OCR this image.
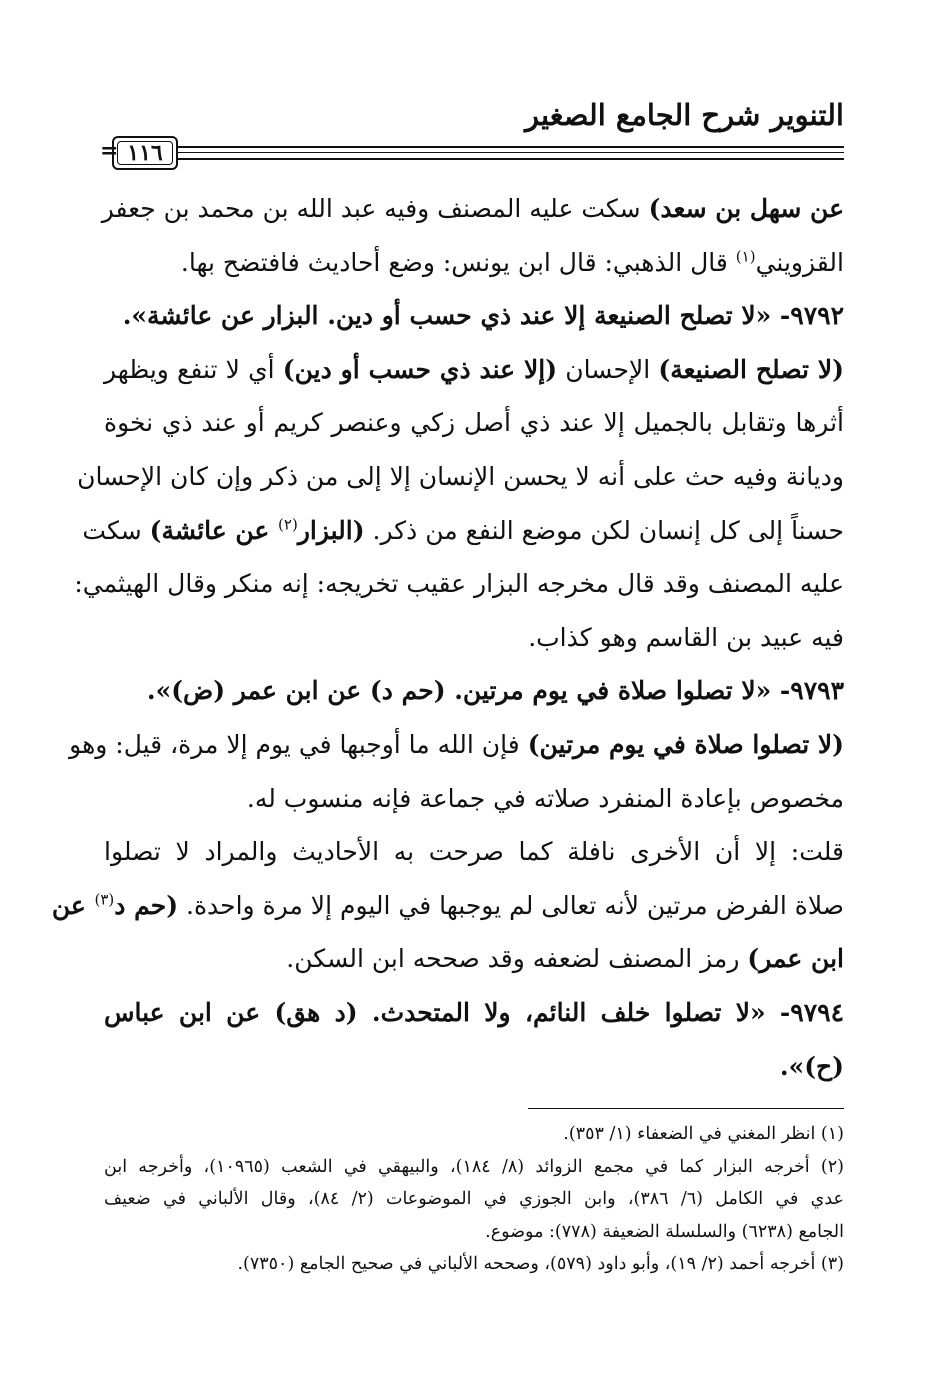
التنوير شرح الجامع الصغير
١١٦
=
عن سهل بن سعد) سكت عليه المصنف وفيه عبد الله بن محمد بن جعفر
القزويني$^{(١)}$ قال الذهبي: قال ابن يونس: وضع أحاديث فافتضح بها.
٩٧٩٢- «لا تصلح الصنيعة إلا عند ذي حسب أو دين. البزار عن عائشة».
(لا تصلح الصنيعة) الإحسان (إلا عند ذي حسب أو دين) أي لا تنفع ويظهر
أثرها وتقابل بالجميل إلا عند ذي أصل زكي وعنصر كريم أو عند ذي نخوة
وديانة وفيه حث على أنه لا يحسن الإنسان إلا إلى من ذكر وإن كان الإحسان
حسناً إلى كل إنسان لكن موضع النفع من ذكر. (البزار$^{(٢)}$ عن عائشة) سكت
عليه المصنف وقد قال مخرجه البزار عقيب تخريجه: إنه منكر وقال الهيثمي:
فيه عبيد بن القاسم وهو كذاب.
٩٧٩٣- «لا تصلوا صلاة في يوم مرتين. (حم د) عن ابن عمر (ض)».
(لا تصلوا صلاة في يوم مرتين) فإن الله ما أوجبها في يوم إلا مرة، قيل: وهو
مخصوص بإعادة المنفرد صلاته في جماعة فإنه منسوب له.
قلت: إلا أن الأخرى نافلة كما صرحت به الأحاديث والمراد لا تصلوا
صلاة الفرض مرتين لأنه تعالى لم يوجبها في اليوم إلا مرة واحدة. (حم د$^{(٣)}$ عن
ابن عمر) رمز المصنف لضعفه وقد صححه ابن السكن.
٩٧٩٤- «لا تصلوا خلف النائم، ولا المتحدث. (د هق) عن ابن عباس
(ح)».
(١) انظر المغني في الضعفاء (١/ ٣٥٣).
(٢) أخرجه البزار كما في مجمع الزوائد (٨/ ١٨٤)، والبيهقي في الشعب (١٠٩٦٥)، وأخرجه ابن
عدي في الكامل (٦/ ٣٨٦)، وابن الجوزي في الموضوعات (٢/ ٨٤)، وقال الألباني في ضعيف
الجامع (٦٢٣٨) والسلسلة الضعيفة (٧٧٨): موضوع.
(٣) أخرجه أحمد (٢/ ١٩)، وأبو داود (٥٧٩)، وصححه الألباني في صحيح الجامع (٧٣٥٠).
